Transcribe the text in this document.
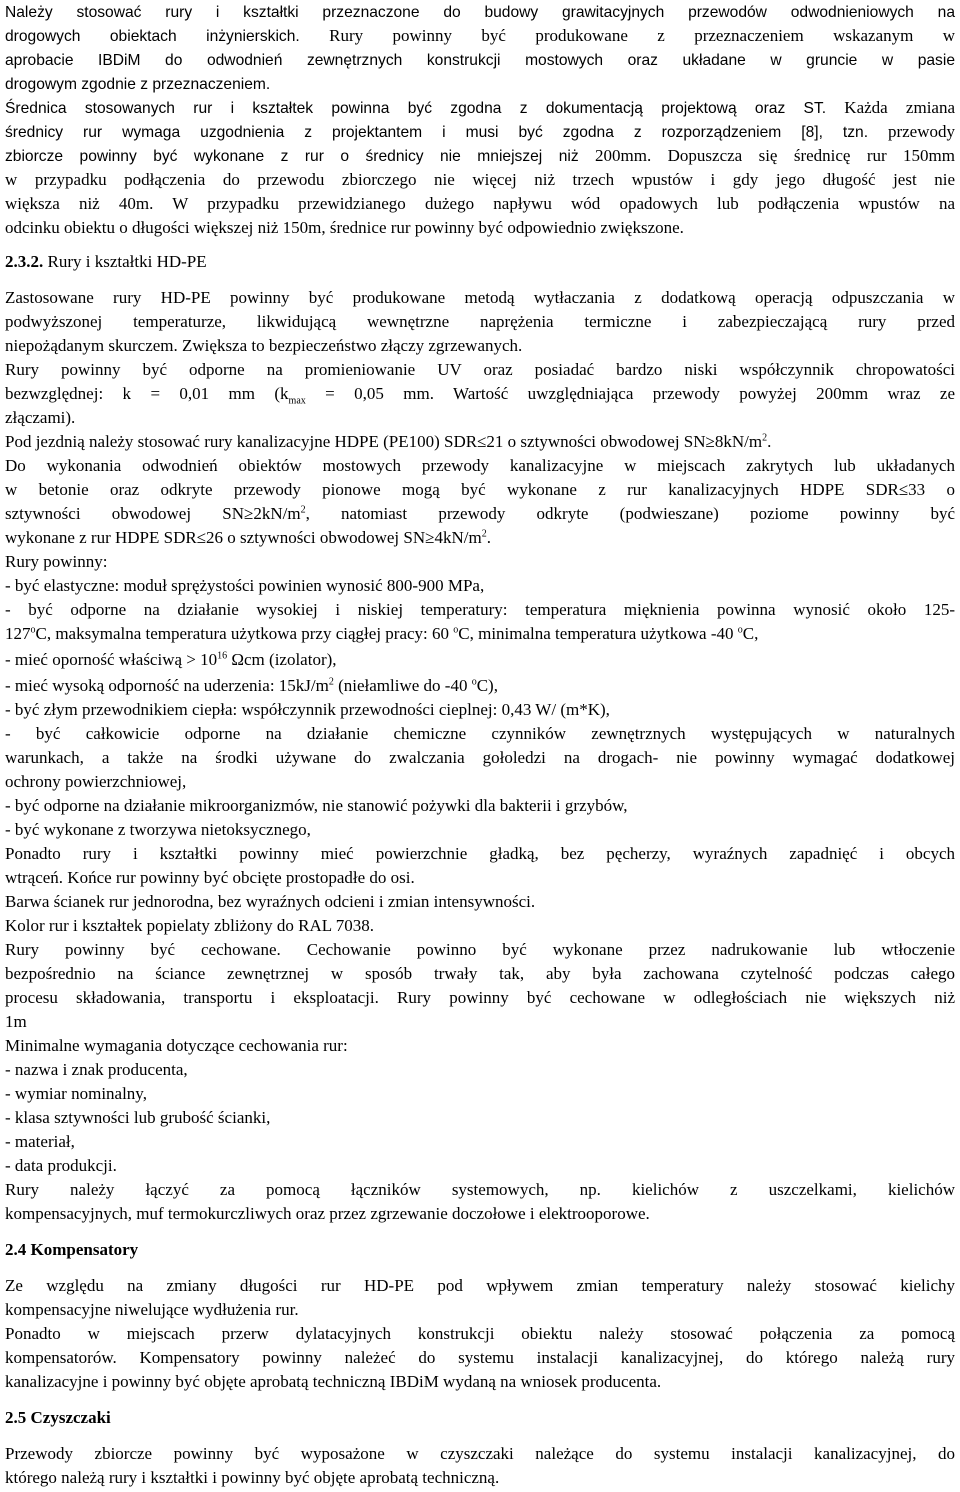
Należy stosować rury i kształtki przeznaczone do budowy grawitacyjnych przewodów odwodnieniowych na
drogowych obiektach inżynierskich. Rury powinny być produkowane z przeznaczeniem wskazanym w
aprobacie IBDiM do odwodnień zewnętrznych konstrukcji mostowych oraz układane w gruncie w pasie
drogowym zgodnie z przeznaczeniem.
Średnica stosowanych rur i kształtek powinna być zgodna z dokumentacją projektową oraz ST. Każda zmiana
średnicy rur wymaga uzgodnienia z projektantem i musi być zgodna z rozporządzeniem [8], tzn. przewody
zbiorcze powinny być wykonane z rur o średnicy nie mniejszej niż 200mm. Dopuszcza się średnicę rur 150mm
w przypadku podłączenia do przewodu zbiorczego nie więcej niż trzech wpustów i gdy jego długość jest nie
większa niż 40m. W przypadku przewidzianego dużego napływu wód opadowych lub podłączenia wpustów na
odcinku obiektu o długości większej niż 150m, średnice rur powinny być odpowiednio zwiększone.
2.3.2. Rury i kształtki HD-PE
Zastosowane rury HD-PE powinny być produkowane metodą wytłaczania z dodatkową operacją odpuszczania w
podwyższonej temperaturze, likwidującą wewnętrzne naprężenia termiczne i zabezpieczającą rury przed
niepożądanym skurczem. Zwiększa to bezpieczeństwo złączy zgrzewanych.
Rury powinny być odporne na promieniowanie UV oraz posiadać bardzo niski współczynnik chropowatości
bezwzględnej: k = 0,01 mm ($k_{max} = 0,05$ mm. Wartość uwzględniająca przewody powyżej 200mm wraz ze
złączami).
Pod jezdnią należy stosować rury kanalizacyjne HDPE (PE100) SDR≤21 o sztywności obwodowej $SN\ge 8kN/m^2$.
Do wykonania odwodnień obiektów mostowych przewody kanalizacyjne w miejscach zakrytych lub układanych
w betonie oraz odkryte przewody pionowe mogą być wykonane z rur kanalizacyjnych HDPE SDR≤33 o
sztywności obwodowej $SN\ge 2kN/m^2$, natomiast przewody odkryte (podwieszane) poziome powinny być
wykonane z rur HDPE SDR≤26 o sztywności obwodowej $SN\ge 4kN/m^2$.
Rury powinny:
- być elastyczne: moduł sprężystości powinien wynosić 800-900 MPa,
- być odporne na działanie wysokiej i niskiej temperatury: temperatura mięknienia powinna wynosić około 125-
127$^o$C, maksymalna temperatura użytkowa przy ciągłej pracy: 60 $^o$C, minimalna temperatura użytkowa -40 $^o$C,
- mieć oporność właściwą > $10^{16}$ Ωcm (izolator),
- mieć wysoką odporność na uderzenia: $15kJ/m^2$ (niełamliwe do -40 $^o$C),
- być złym przewodnikiem ciepła: współczynnik przewodności cieplnej: 0,43 W/ (m*K),
- być całkowicie odporne na działanie chemiczne czynników zewnętrznych występujących w naturalnych
warunkach, a także na środki używane do zwalczania gołoledzi na drogach- nie powinny wymagać dodatkowej
ochrony powierzchniowej,
- być odporne na działanie mikroorganizmów, nie stanowić pożywki dla bakterii i grzybów,
- być wykonane z tworzywa nietoksycznego,
Ponadto rury i kształtki powinny mieć powierzchnie gładką, bez pęcherzy, wyraźnych zapadnięć i obcych
wtrąceń. Końce rur powinny być obcięte prostopadłe do osi.
Barwa ścianek rur jednorodna, bez wyraźnych odcieni i zmian intensywności.
Kolor rur i kształtek popielaty zbliżony do RAL 7038.
Rury powinny być cechowane. Cechowanie powinno być wykonane przez nadrukowanie lub wtłoczenie
bezpośrednio na ściance zewnętrznej w sposób trwały tak, aby była zachowana czytelność podczas całego
procesu składowania, transportu i eksploatacji. Rury powinny być cechowane w odległościach nie większych niż
1m
Minimalne wymagania dotyczące cechowania rur:
- nazwa i znak producenta,
- wymiar nominalny,
- klasa sztywności lub grubość ścianki,
- materiał,
- data produkcji.
Rury należy łączyć za pomocą łączników systemowych, np. kielichów z uszczelkami, kielichów
kompensacyjnych, muf termokurczliwych oraz przez zgrzewanie doczołowe i elektrooporowe.
2.4 Kompensatory
Ze względu na zmiany długości rur HD-PE pod wpływem zmian temperatury należy stosować kielichy
kompensacyjne niwelujące wydłużenia rur.
Ponadto w miejscach przerw dylatacyjnych konstrukcji obiektu należy stosować połączenia za pomocą
kompensatorów. Kompensatory powinny należeć do systemu instalacji kanalizacyjnej, do którego należą rury
kanalizacyjne i powinny być objęte aprobatą techniczną IBDiM wydaną na wniosek producenta.
2.5 Czyszczaki
Przewody zbiorcze powinny być wyposażone w czyszczaki należące do systemu instalacji kanalizacyjnej, do
którego należą rury i kształtki i powinny być objęte aprobatą techniczną.
